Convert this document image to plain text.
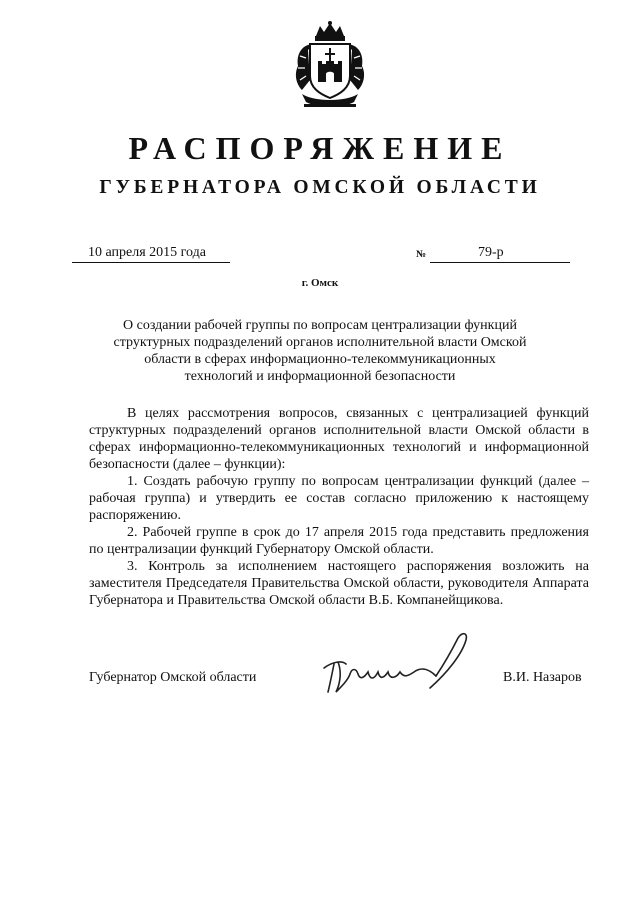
РАСПОРЯЖЕНИЕ
ГУБЕРНАТОРА ОМСКОЙ ОБЛАСТИ
10 апреля 2015 года	№	79-р
г. Омск
О создании рабочей группы по вопросам централизации функций
структурных подразделений органов исполнительной власти Омской
области в сферах информационно-телекоммуникационных
технологий и информационной безопасности

В целях рассмотрения вопросов, связанных с централизацией функций структурных подразделений органов исполнительной власти Омской области в сферах информационно-телекоммуникационных технологий и информационной безопасности (далее – функции):

1. Создать рабочую группу по вопросам централизации функций (далее – рабочая группа) и утвердить ее состав согласно приложению к настоящему распоряжению.

2. Рабочей группе в срок до 17 апреля 2015 года представить предложения по централизации функций Губернатору Омской области.

3. Контроль за исполнением настоящего распоряжения возложить на заместителя Председателя Правительства Омской области, руководителя Аппарата Губернатора и Правительства Омской области В.Б. Компанейщикова.

Губернатор Омской области	В.И. Назаров
